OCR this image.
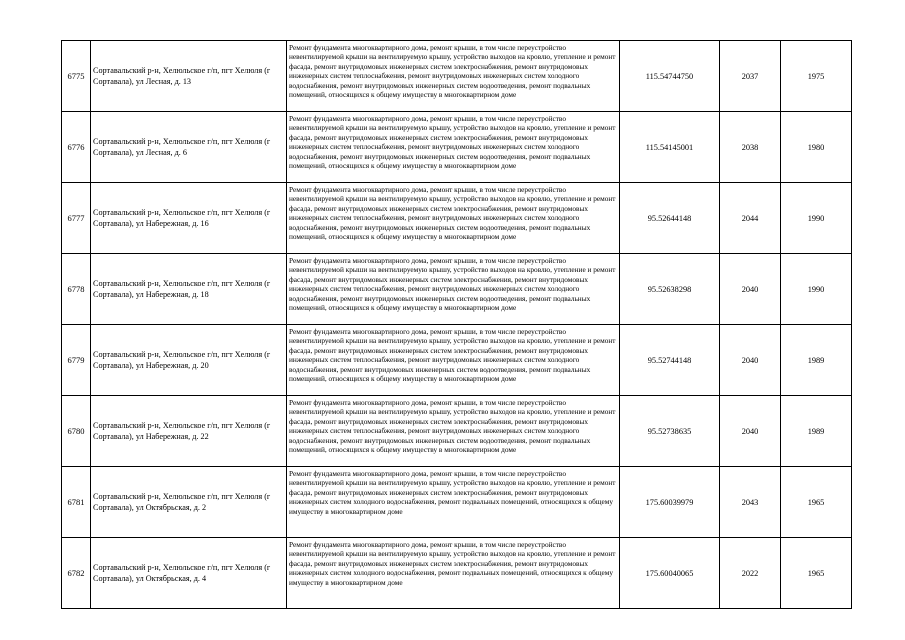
6775	Сортавальский р-н, Хелюльское г/п, пгт Хелюля (г Сортавала), ул Лесная, д. 13	Ремонт фундамента многоквартирного дома, ремонт крыши, в том числе переустройство невентилируемой крыши на вентилируемую крышу, устройство выходов на кровлю, утепление и ремонт фасада, ремонт внутридомовых инженерных систем электроснабжения, ремонт внутридомовых инженерных систем теплоснабжения, ремонт внутридомовых инженерных систем холодного водоснабжения, ремонт внутридомовых инженерных систем водоотведения, ремонт подвальных помещений, относящихся к общему имуществу в многоквартирном доме	115.54744750	2037	1975
6776	Сортавальский р-н, Хелюльское г/п, пгт Хелюля (г Сортавала), ул Лесная, д. 6	Ремонт фундамента многоквартирного дома, ремонт крыши, в том числе переустройство невентилируемой крыши на вентилируемую крышу, устройство выходов на кровлю, утепление и ремонт фасада, ремонт внутридомовых инженерных систем электроснабжения, ремонт внутридомовых инженерных систем теплоснабжения, ремонт внутридомовых инженерных систем холодного водоснабжения, ремонт внутридомовых инженерных систем водоотведения, ремонт подвальных помещений, относящихся к общему имуществу в многоквартирном доме	115.54145001	2038	1980
6777	Сортавальский р-н, Хелюльское г/п, пгт Хелюля (г Сортавала), ул Набережная, д. 16	Ремонт фундамента многоквартирного дома, ремонт крыши, в том числе переустройство невентилируемой крыши на вентилируемую крышу, устройство выходов на кровлю, утепление и ремонт фасада, ремонт внутридомовых инженерных систем электроснабжения, ремонт внутридомовых инженерных систем теплоснабжения, ремонт внутридомовых инженерных систем холодного водоснабжения, ремонт внутридомовых инженерных систем водоотведения, ремонт подвальных помещений, относящихся к общему имуществу в многоквартирном доме	95.52644148	2044	1990
6778	Сортавальский р-н, Хелюльское г/п, пгт Хелюля (г Сортавала), ул Набережная, д. 18	Ремонт фундамента многоквартирного дома, ремонт крыши, в том числе переустройство невентилируемой крыши на вентилируемую крышу, устройство выходов на кровлю, утепление и ремонт фасада, ремонт внутридомовых инженерных систем электроснабжения, ремонт внутридомовых инженерных систем теплоснабжения, ремонт внутридомовых инженерных систем холодного водоснабжения, ремонт внутридомовых инженерных систем водоотведения, ремонт подвальных помещений, относящихся к общему имуществу в многоквартирном доме	95.52638298	2040	1990
6779	Сортавальский р-н, Хелюльское г/п, пгт Хелюля (г Сортавала), ул Набережная, д. 20	Ремонт фундамента многоквартирного дома, ремонт крыши, в том числе переустройство невентилируемой крыши на вентилируемую крышу, устройство выходов на кровлю, утепление и ремонт фасада, ремонт внутридомовых инженерных систем электроснабжения, ремонт внутридомовых инженерных систем теплоснабжения, ремонт внутридомовых инженерных систем холодного водоснабжения, ремонт внутридомовых инженерных систем водоотведения, ремонт подвальных помещений, относящихся к общему имуществу в многоквартирном доме	95.52744148	2040	1989
6780	Сортавальский р-н, Хелюльское г/п, пгт Хелюля (г Сортавала), ул Набережная, д. 22	Ремонт фундамента многоквартирного дома, ремонт крыши, в том числе переустройство невентилируемой крыши на вентилируемую крышу, устройство выходов на кровлю, утепление и ремонт фасада, ремонт внутридомовых инженерных систем электроснабжения, ремонт внутридомовых инженерных систем теплоснабжения, ремонт внутридомовых инженерных систем холодного водоснабжения, ремонт внутридомовых инженерных систем водоотведения, ремонт подвальных помещений, относящихся к общему имуществу в многоквартирном доме	95.52738635	2040	1989
6781	Сортавальский р-н, Хелюльское г/п, пгт Хелюля (г Сортавала), ул Октябрьская, д. 2	Ремонт фундамента многоквартирного дома, ремонт крыши, в том числе переустройство невентилируемой крыши на вентилируемую крышу, устройство выходов на кровлю, утепление и ремонт фасада, ремонт внутридомовых инженерных систем электроснабжения, ремонт внутридомовых инженерных систем холодного водоснабжения, ремонт подвальных помещений, относящихся к общему имуществу в многоквартирном доме	175.60039979	2043	1965
6782	Сортавальский р-н, Хелюльское г/п, пгт Хелюля (г Сортавала), ул Октябрьская, д. 4	Ремонт фундамента многоквартирного дома, ремонт крыши, в том числе переустройство невентилируемой крыши на вентилируемую крышу, устройство выходов на кровлю, утепление и ремонт фасада, ремонт внутридомовых инженерных систем электроснабжения, ремонт внутридомовых инженерных систем холодного водоснабжения, ремонт подвальных помещений, относящихся к общему имуществу в многоквартирном доме	175.60040065	2022	1965
